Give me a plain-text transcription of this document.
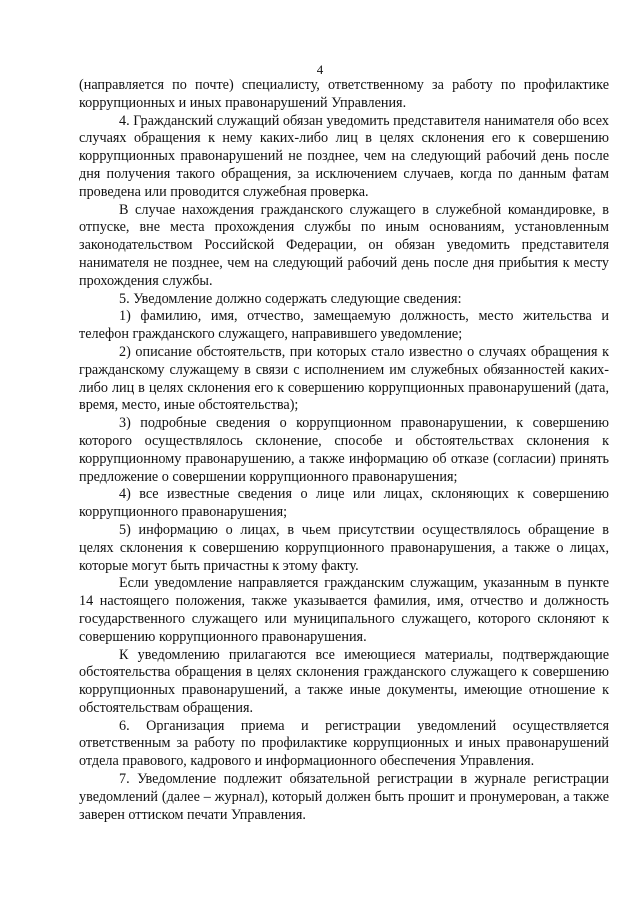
4

(направляется по почте) специалисту, ответственному за работу по профилактике коррупционных и иных правонарушений Управления.

4. Гражданский служащий обязан уведомить представителя нанимателя обо всех случаях обращения к нему каких-либо лиц в целях склонения его к совершению коррупционных правонарушений не позднее, чем на следующий рабочий день после дня получения такого обращения, за исключением случаев, когда по данным фатам проведена или проводится служебная проверка.

В случае нахождения гражданского служащего в служебной командировке, в отпуске, вне места прохождения службы по иным основаниям, установленным законодательством Российской Федерации, он обязан уведомить представителя нанимателя не позднее, чем на следующий рабочий день после дня прибытия к месту прохождения службы.

5. Уведомление должно содержать следующие сведения:

1) фамилию, имя, отчество, замещаемую должность, место жительства и телефон гражданского служащего, направившего уведомление;

2) описание обстоятельств, при которых стало известно о случаях обращения к гражданскому служащему в связи с исполнением им служебных обязанностей каких-либо лиц в целях склонения его к совершению коррупционных правонарушений (дата, время, место, иные обстоятельства);

3) подробные сведения о коррупционном правонарушении, к совершению которого осуществлялось склонение, способе и обстоятельствах склонения к коррупционному правонарушению, а также информацию об отказе (согласии) принять предложение о совершении коррупционного правонарушения;

4) все известные сведения о лице или лицах, склоняющих к совершению коррупционного правонарушения;

5) информацию о лицах, в чьем присутствии осуществлялось обращение в целях склонения к совершению коррупционного правонарушения, а также о лицах, которые могут быть причастны к этому факту.

Если уведомление направляется гражданским служащим, указанным в пункте 14 настоящего положения, также указывается фамилия, имя, отчество и должность государственного служащего или муниципального служащего, которого склоняют к совершению коррупционного правонарушения.

К уведомлению прилагаются все имеющиеся материалы, подтверждающие обстоятельства обращения в целях склонения гражданского служащего к совершению коррупционных правонарушений, а также иные документы, имеющие отношение к обстоятельствам обращения.

6. Организация приема и регистрации уведомлений осуществляется ответственным за работу по профилактике коррупционных и иных правонарушений отдела правового, кадрового и информационного обеспечения Управления.

7. Уведомление подлежит обязательной регистрации в журнале регистрации уведомлений (далее – журнал), который должен быть прошит и пронумерован, а также заверен оттиском печати Управления.
